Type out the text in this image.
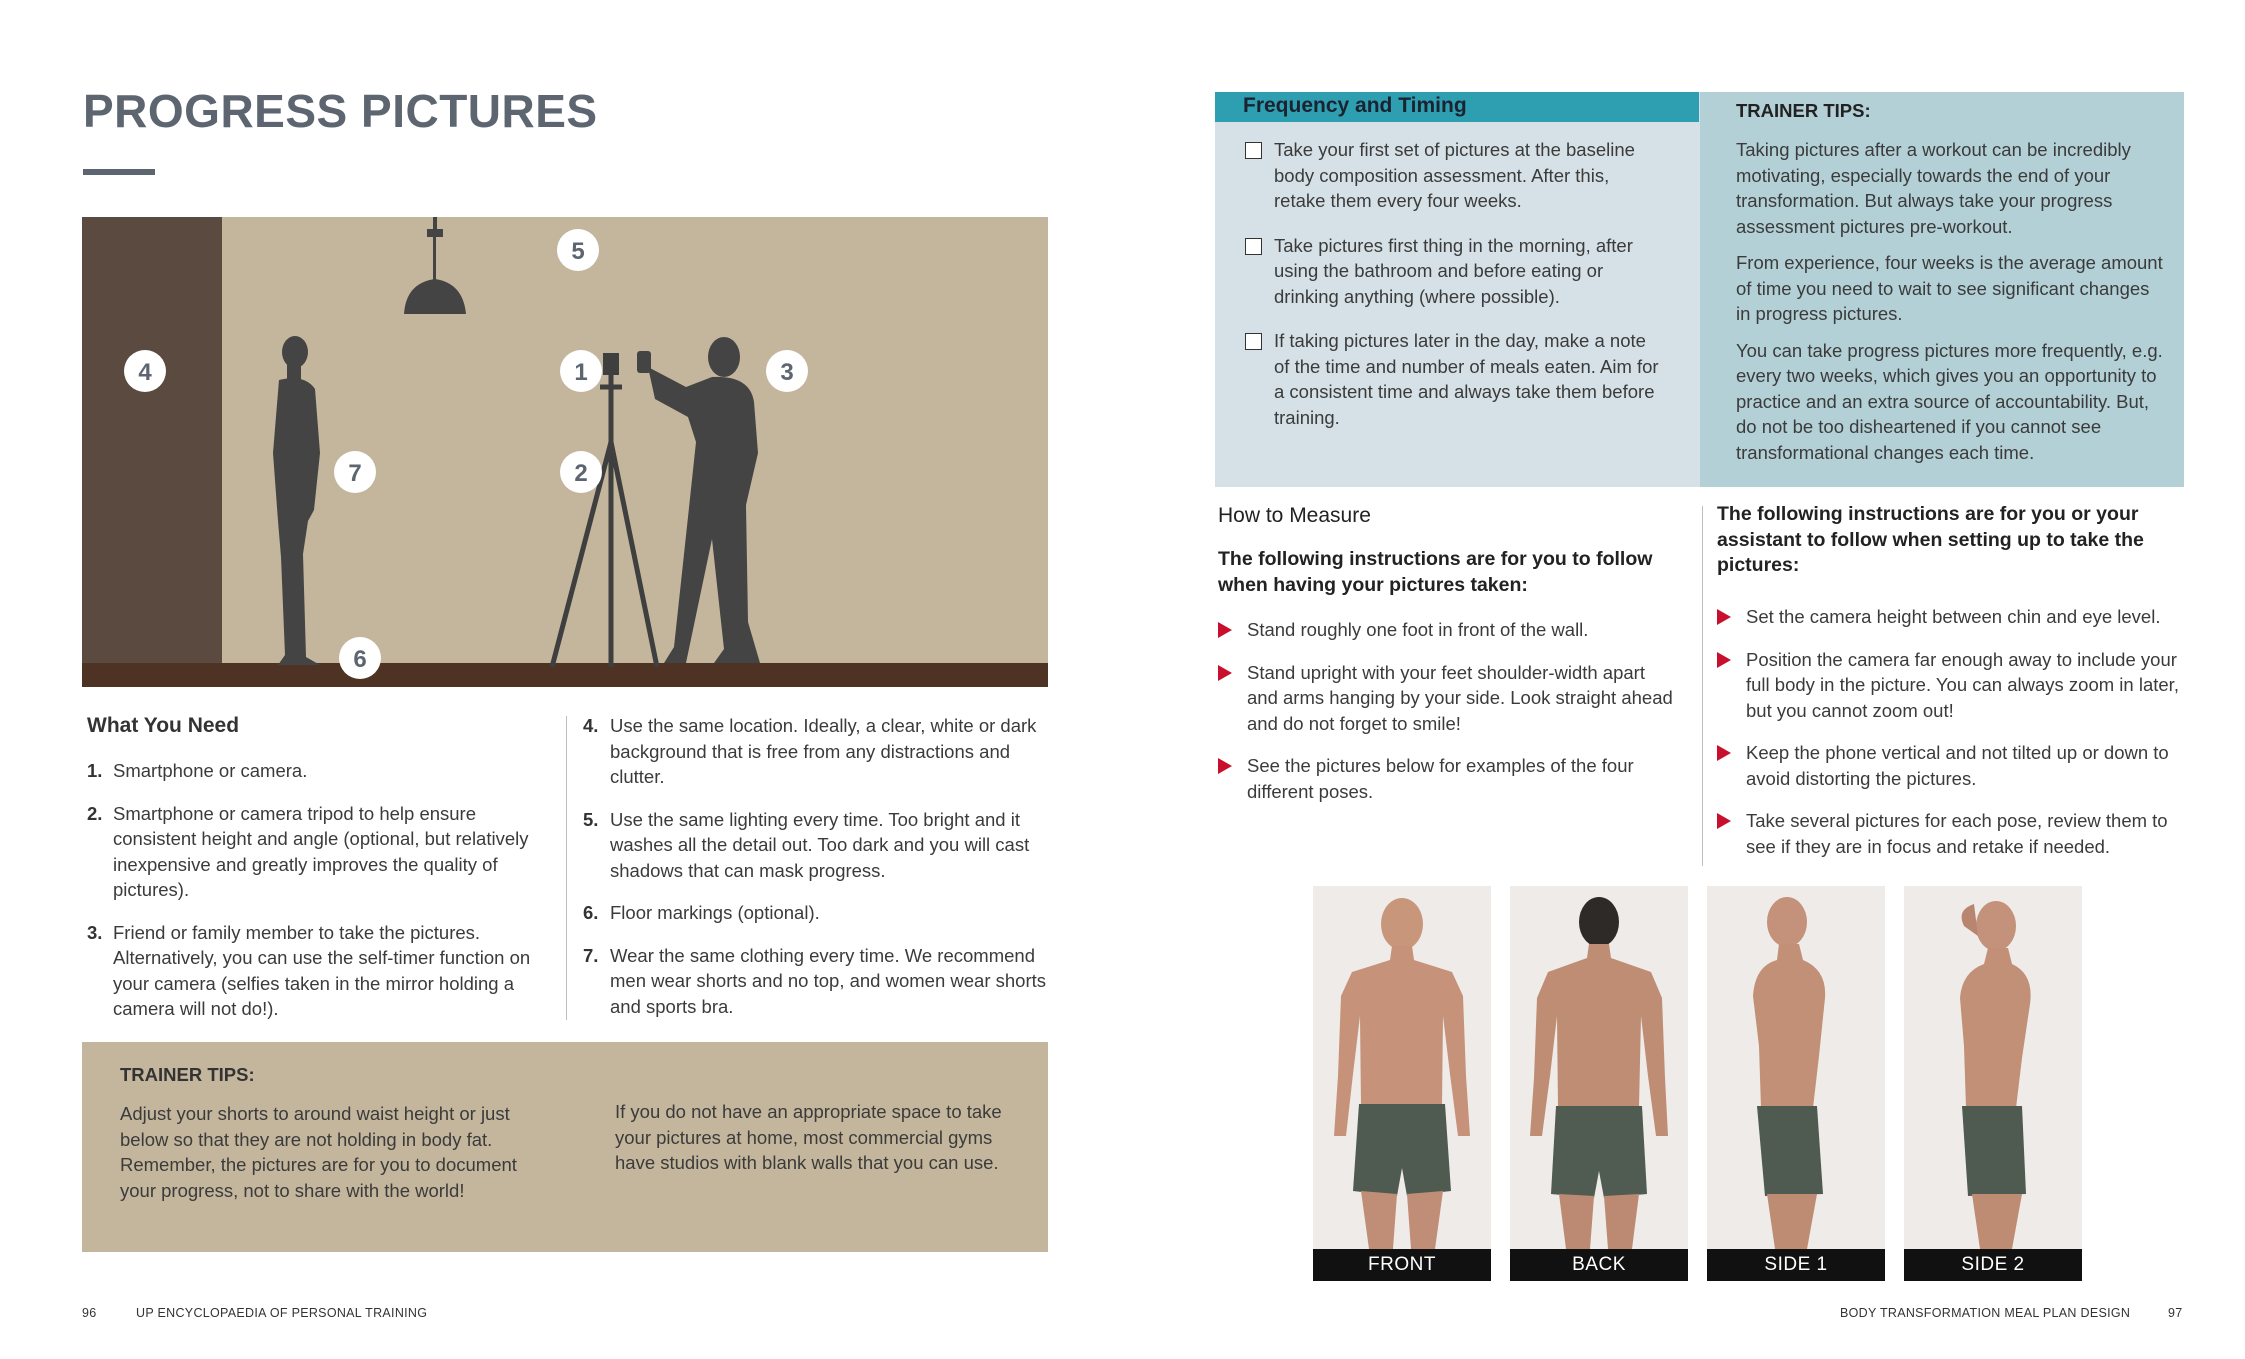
PROGRESS PICTURES
5
4	1	3
7	2
6
What You Need
1. Smartphone or camera.
2. Smartphone or camera tripod to help ensure consistent height and angle (optional, but relatively inexpensive and greatly improves the quality of pictures).
3. Friend or family member to take the pictures. Alternatively, you can use the self-timer function on your camera (selfies taken in the mirror holding a camera will not do!).
4. Use the same location. Ideally, a clear, white or dark background that is free from any distractions and clutter.
5. Use the same lighting every time. Too bright and it washes all the detail out. Too dark and you will cast shadows that can mask progress.
6. Floor markings (optional).
7. Wear the same clothing every time. We recommend men wear shorts and no top, and women wear shorts and sports bra.
TRAINER TIPS:
Adjust your shorts to around waist height or just below so that they are not holding in body fat. Remember, the pictures are for you to document your progress, not to share with the world!
If you do not have an appropriate space to take your pictures at home, most commercial gyms have studios with blank walls that you can use.
96	UP ENCYCLOPAEDIA OF PERSONAL TRAINING
Frequency and Timing
Take your first set of pictures at the baseline body composition assessment. After this, retake them every four weeks.
Take pictures first thing in the morning, after using the bathroom and before eating or drinking anything (where possible).
If taking pictures later in the day, make a note of the time and number of meals eaten. Aim for a consistent time and always take them before training.
TRAINER TIPS:

Taking pictures after a workout can be incredibly motivating, especially towards the end of your transformation. But always take your progress assessment pictures pre-workout.

From experience, four weeks is the average amount of time you need to wait to see significant changes in progress pictures.

You can take progress pictures more frequently, e.g. every two weeks, which gives you an opportunity to practice and an extra source of accountability. But, do not be too disheartened if you cannot see transformational changes each time.

How to Measure
The following instructions are for you to follow when having your pictures taken:
Stand roughly one foot in front of the wall.
Stand upright with your feet shoulder-width apart and arms hanging by your side. Look straight ahead and do not forget to smile!
See the pictures below for examples of the four different poses.
The following instructions are for you or your assistant to follow when setting up to take the pictures:
Set the camera height between chin and eye level.
Position the camera far enough away to include your full body in the picture. You can always zoom in later, but you cannot zoom out!
Keep the phone vertical and not tilted up or down to avoid distorting the pictures.
Take several pictures for each pose, review them to see if they are in focus and retake if needed.
FRONT	BACK	SIDE 1	SIDE 2
BODY TRANSFORMATION MEAL PLAN DESIGN	97
